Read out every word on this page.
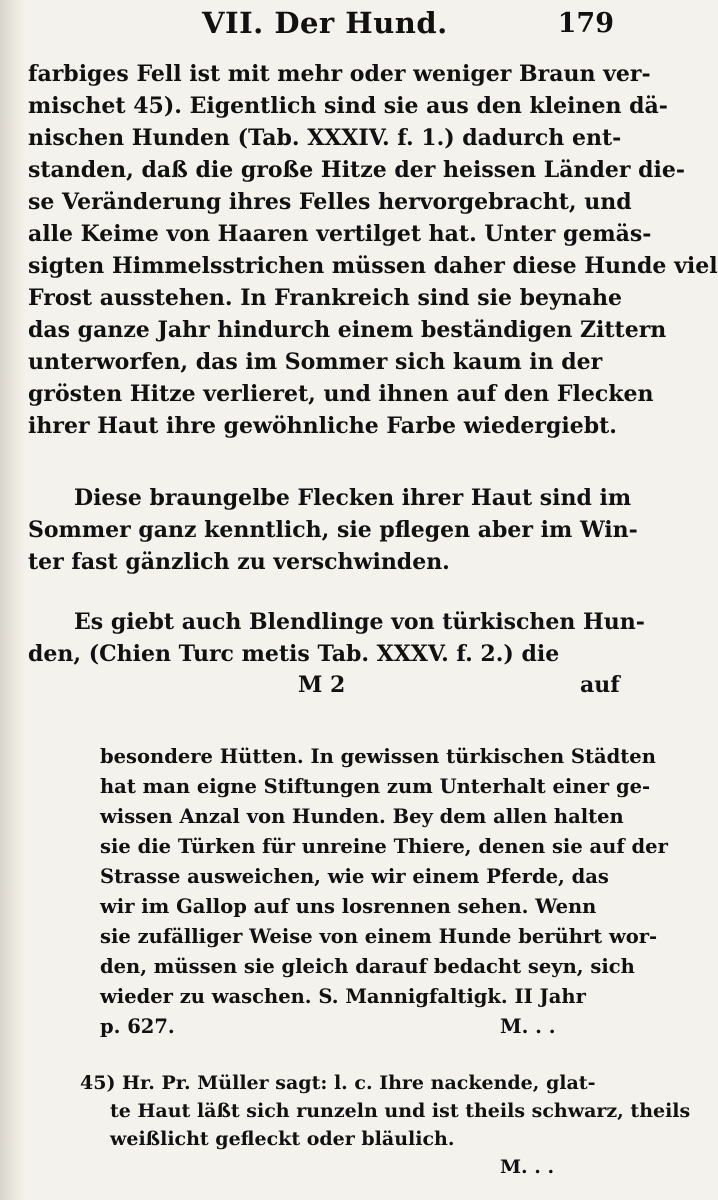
VII. Der Hund.	179
farbiges Fell ist mit mehr oder weniger Braun ver-
mischet 45). Eigentlich sind sie aus den kleinen dä-
nischen Hunden (Tab. XXXIV. f. 1.) dadurch ent-
standen, daß die große Hitze der heissen Länder die-
se Veränderung ihres Felles hervorgebracht, und
alle Keime von Haaren vertilget hat. Unter gemäs-
sigten Himmelsstrichen müssen daher diese Hunde viel
Frost ausstehen. In Frankreich sind sie beynahe
das ganze Jahr hindurch einem beständigen Zittern
unterworfen, das im Sommer sich kaum in der
grösten Hitze verlieret, und ihnen auf den Flecken
ihrer Haut ihre gewöhnliche Farbe wiedergiebt.
Diese braungelbe Flecken ihrer Haut sind im
Sommer ganz kenntlich, sie pflegen aber im Win-
ter fast gänzlich zu verschwinden.
Es giebt auch Blendlinge von türkischen Hun-
den, (Chien Turc metis Tab. XXXV. f. 2.) die
M 2	auf
besondere Hütten. In gewissen türkischen Städten
hat man eigne Stiftungen zum Unterhalt einer ge-
wissen Anzal von Hunden. Bey dem allen halten
sie die Türken für unreine Thiere, denen sie auf der
Strasse ausweichen, wie wir einem Pferde, das
wir im Gallop auf uns losrennen sehen. Wenn
sie zufälliger Weise von einem Hunde berührt wor-
den, müssen sie gleich darauf bedacht seyn, sich
wieder zu waschen. S. Mannigfaltigk. II Jahr
p. 627.	M. . .
45) Hr. Pr. Müller sagt: l. c. Ihre nackende, glat-
te Haut läßt sich runzeln und ist theils schwarz, theils
weißlicht gefleckt oder bläulich.
M. . .
